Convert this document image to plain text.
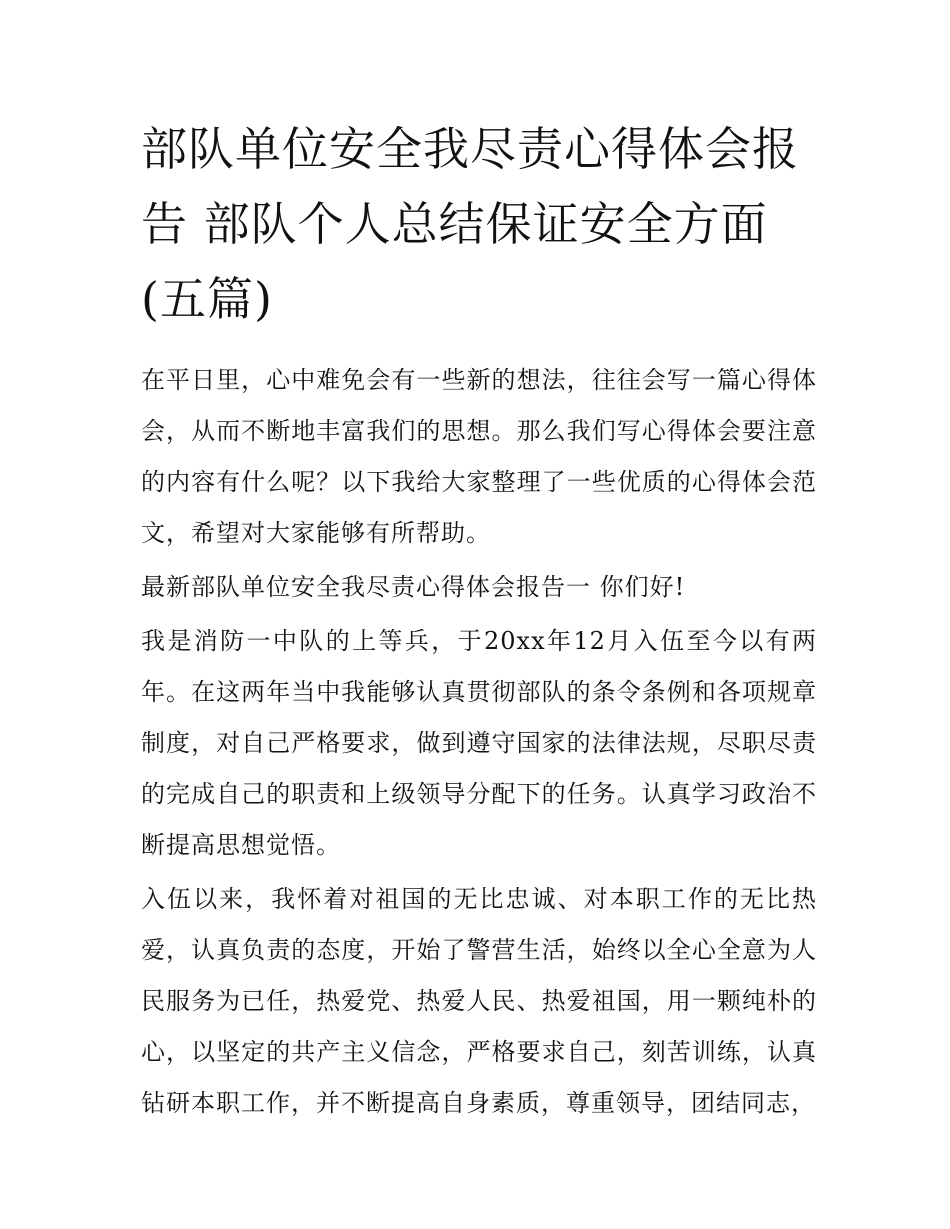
部队单位安全我尽责心得体会报告 部队个人总结保证安全方面(五篇)

在平日里，心中难免会有一些新的想法，往往会写一篇心得体会，从而不断地丰富我们的思想。那么我们写心得体会要注意的内容有什么呢？以下我给大家整理了一些优质的心得体会范文，希望对大家能够有所帮助。

最新部队单位安全我尽责心得体会报告一 你们好!

我是消防一中队的上等兵，于20xx年12月入伍至今以有两年。在这两年当中我能够认真贯彻部队的条令条例和各项规章制度，对自己严格要求，做到遵守国家的法律法规，尽职尽责的完成自己的职责和上级领导分配下的任务。认真学习政治不断提高思想觉悟。

入伍以来，我怀着对祖国的无比忠诚、对本职工作的无比热爱，认真负责的态度，开始了警营生活，始终以全心全意为人民服务为已任，热爱党、热爱人民、热爱祖国，用一颗纯朴的心，以坚定的共产主义信念，严格要求自己，刻苦训练，认真钻研本职工作，并不断提高自身素质，尊重领导，团结同志，
